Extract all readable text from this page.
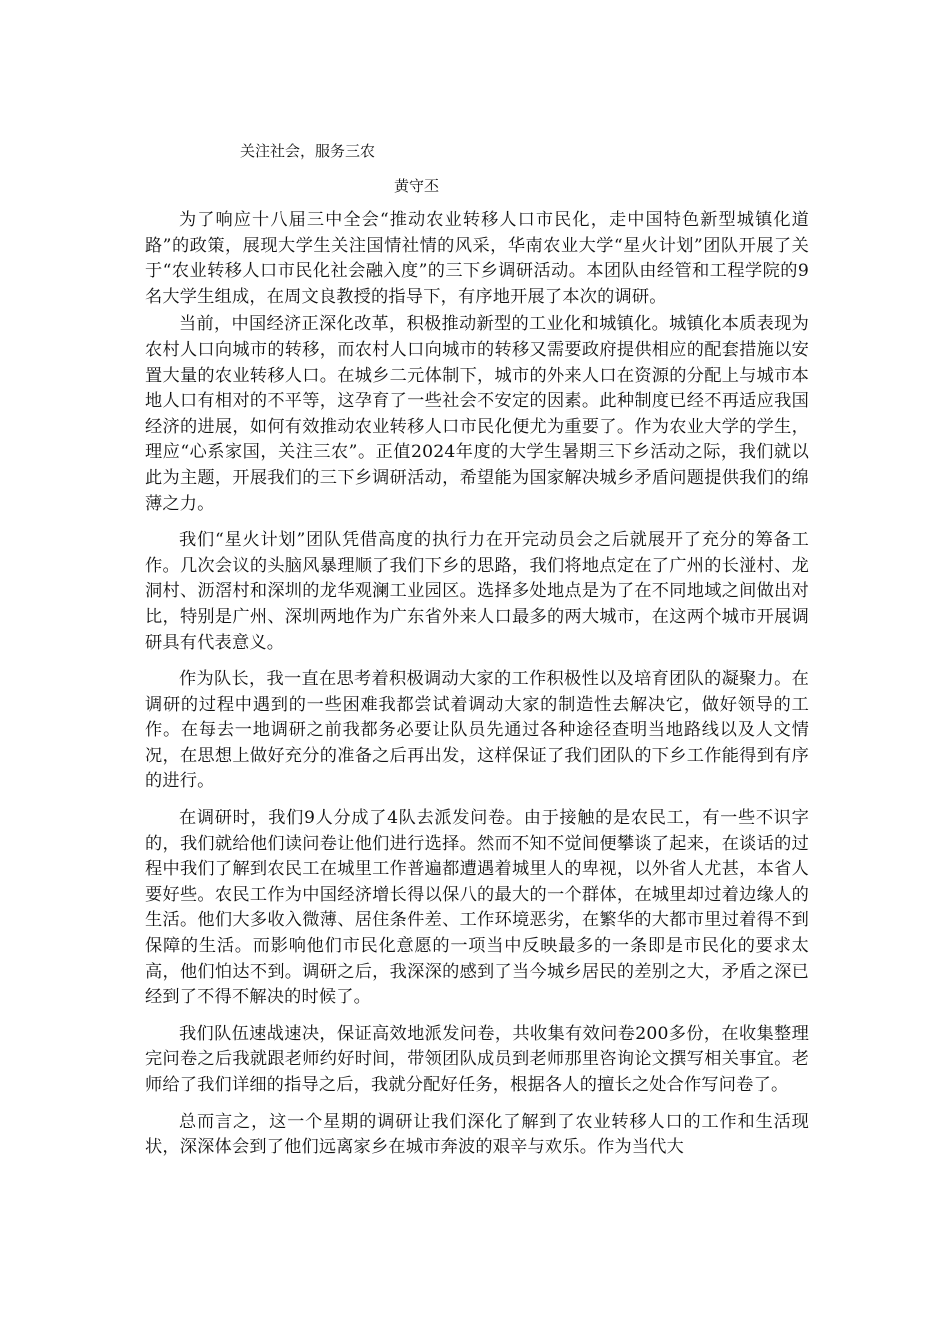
关注社会，服务三农
黄守丕

为了响应十八届三中全会“推动农业转移人口市民化，走中国特色新型城镇化道路”的政策，展现大学生关注国情社情的风采，华南农业大学“星火计划”团队开展了关于“农业转移人口市民化社会融入度”的三下乡调研活动。本团队由经管和工程学院的9名大学生组成，在周文良教授的指导下，有序地开展了本次的调研。

当前，中国经济正深化改革，积极推动新型的工业化和城镇化。城镇化本质表现为农村人口向城市的转移，而农村人口向城市的转移又需要政府提供相应的配套措施以安置大量的农业转移人口。在城乡二元体制下，城市的外来人口在资源的分配上与城市本地人口有相对的不平等，这孕育了一些社会不安定的因素。此种制度已经不再适应我国经济的进展，如何有效推动农业转移人口市民化便尤为重要了。作为农业大学的学生，理应“心系家国，关注三农”。正值2024年度的大学生暑期三下乡活动之际，我们就以此为主题，开展我们的三下乡调研活动，希望能为国家解决城乡矛盾问题提供我们的绵薄之力。

我们“星火计划”团队凭借高度的执行力在开完动员会之后就展开了充分的筹备工作。几次会议的头脑风暴理顺了我们下乡的思路，我们将地点定在了广州的长湴村、龙洞村、沥滘村和深圳的龙华观澜工业园区。选择多处地点是为了在不同地域之间做出对比，特别是广州、深圳两地作为广东省外来人口最多的两大城市，在这两个城市开展调研具有代表意义。

作为队长，我一直在思考着积极调动大家的工作积极性以及培育团队的凝聚力。在调研的过程中遇到的一些困难我都尝试着调动大家的制造性去解决它，做好领导的工作。在每去一地调研之前我都务必要让队员先通过各种途径查明当地路线以及人文情况，在思想上做好充分的准备之后再出发，这样保证了我们团队的下乡工作能得到有序的进行。

在调研时，我们9人分成了4队去派发问卷。由于接触的是农民工，有一些不识字的，我们就给他们读问卷让他们进行选择。然而不知不觉间便攀谈了起来，在谈话的过程中我们了解到农民工在城里工作普遍都遭遇着城里人的卑视，以外省人尤甚，本省人要好些。农民工作为中国经济增长得以保八的最大的一个群体，在城里却过着边缘人的生活。他们大多收入微薄、居住条件差、工作环境恶劣，在繁华的大都市里过着得不到保障的生活。而影响他们市民化意愿的一项当中反映最多的一条即是市民化的要求太高，他们怕达不到。调研之后，我深深的感到了当今城乡居民的差别之大，矛盾之深已经到了不得不解决的时候了。

我们队伍速战速决，保证高效地派发问卷，共收集有效问卷200多份，在收集整理完问卷之后我就跟老师约好时间，带领团队成员到老师那里咨询论文撰写相关事宜。老师给了我们详细的指导之后，我就分配好任务，根据各人的擅长之处合作写问卷了。

总而言之，这一个星期的调研让我们深化了解到了农业转移人口的工作和生活现状，深深体会到了他们远离家乡在城市奔波的艰辛与欢乐。作为当代大
